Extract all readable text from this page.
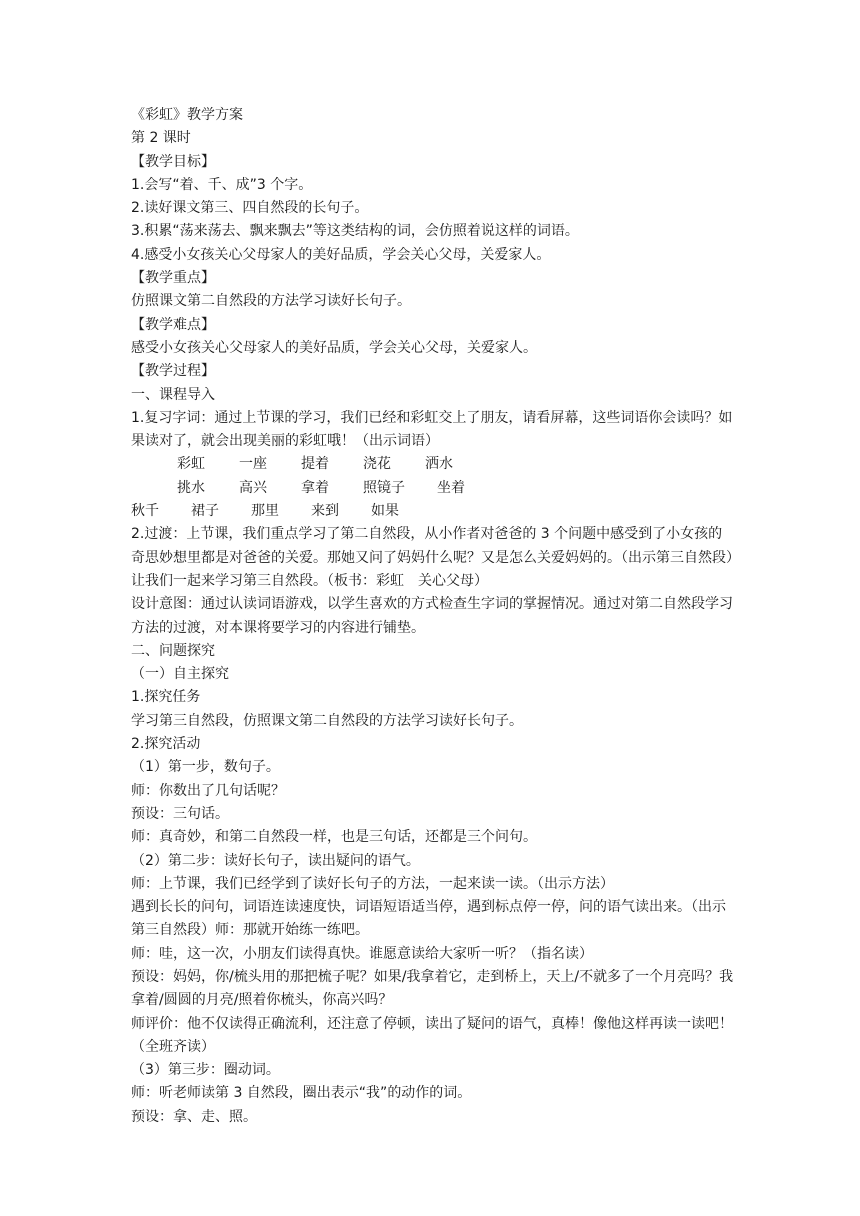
《彩虹》教学方案

第 2 课时

【教学目标】

1.会写“着、千、成”3 个字。

2.读好课文第三、四自然段的长句子。

3.积累“荡来荡去、飘来飘去”等这类结构的词，会仿照着说这样的词语。

4.感受小女孩关心父母家人的美好品质，学会关心父母，关爱家人。

【教学重点】

仿照课文第二自然段的方法学习读好长句子。

【教学难点】

感受小女孩关心父母家人的美好品质，学会关心父母，关爱家人。

【教学过程】

一、课程导入

1.复习字词：通过上节课的学习，我们已经和彩虹交上了朋友，请看屏幕，这些词语你会读吗？如果读对了，就会出现美丽的彩虹哦！（出示词语）

彩虹	一座	提着	浇花	洒水
挑水	高兴	拿着	照镜子	坐着
秋千	裙子	那里	来到	如果

2.过渡：上节课，我们重点学习了第二自然段，从小作者对爸爸的 3 个问题中感受到了小女孩的奇思妙想里都是对爸爸的关爱。那她又问了妈妈什么呢？又是怎么关爱妈妈的。（出示第三自然段）让我们一起来学习第三自然段。（板书：彩虹　关心父母）

设计意图：通过认读词语游戏，以学生喜欢的方式检查生字词的掌握情况。通过对第二自然段学习方法的过渡，对本课将要学习的内容进行铺垫。

二、问题探究

（一）自主探究

1.探究任务

学习第三自然段，仿照课文第二自然段的方法学习读好长句子。

2.探究活动

（1）第一步，数句子。

师：你数出了几句话呢？

预设：三句话。

师：真奇妙，和第二自然段一样，也是三句话，还都是三个问句。

（2）第二步：读好长句子，读出疑问的语气。

师：上节课，我们已经学到了读好长句子的方法，一起来读一读。（出示方法）

遇到长长的问句，词语连读速度快，词语短语适当停，遇到标点停一停，问的语气读出来。（出示第三自然段）师：那就开始练一练吧。

师：哇，这一次，小朋友们读得真快。谁愿意读给大家听一听？（指名读）

预设：妈妈，你/梳头用的那把梳子呢？如果/我拿着它，走到桥上，天上/不就多了一个月亮吗？我拿着/圆圆的月亮/照着你梳头，你高兴吗？

师评价：他不仅读得正确流利，还注意了停顿，读出了疑问的语气，真棒！像他这样再读一读吧！（全班齐读）

（3）第三步：圈动词。

师：听老师读第 3 自然段，圈出表示“我”的动作的词。

预设：拿、走、照。
